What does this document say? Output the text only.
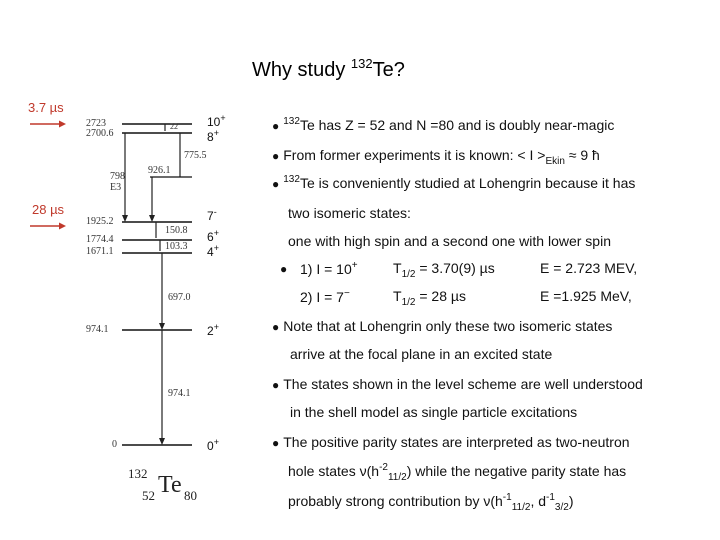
Why study $^{132}$Te?
3.7 µs
28 µs
2723
2700.6
1925.2
1774.4
1671.1
974.1
0
22
775.5
926.1
798
E3
150.8
103.3
697.0
974.1
10+
8+
7-
6+
4+
2+
0+
132
52 Te 80
● $^{132}$Te has Z = 52 and N =80 and is doubly near-magic
● From former experiments it is known: < $I >_{Ekin} \approx 9$ ħ
● $^{132}$Te is conveniently studied at Lohengrin because it has
two isomeric states:
one with high spin and a second one with lower spin
● 1) I = 10+	$T_{1/2} = 3.70(9)$ µs	E = 2.723 MEV,
2) I = 7−	$T_{1/2} = 28$ µs	E =1.925 MeV,
● Note that at Lohengrin only these two isomeric states
arrive at the focal plane in an excited state
● The states shown in the level scheme are well understood
in the shell model as single particle excitations
● The positive parity states are interpreted as two-neutron
hole states $\nu(h^{-2}_{11/2})$ while the negative parity state has
probably strong contribution by $\nu(h^{-1}_{11/2}$, $d^{-1}_{3/2}$)
